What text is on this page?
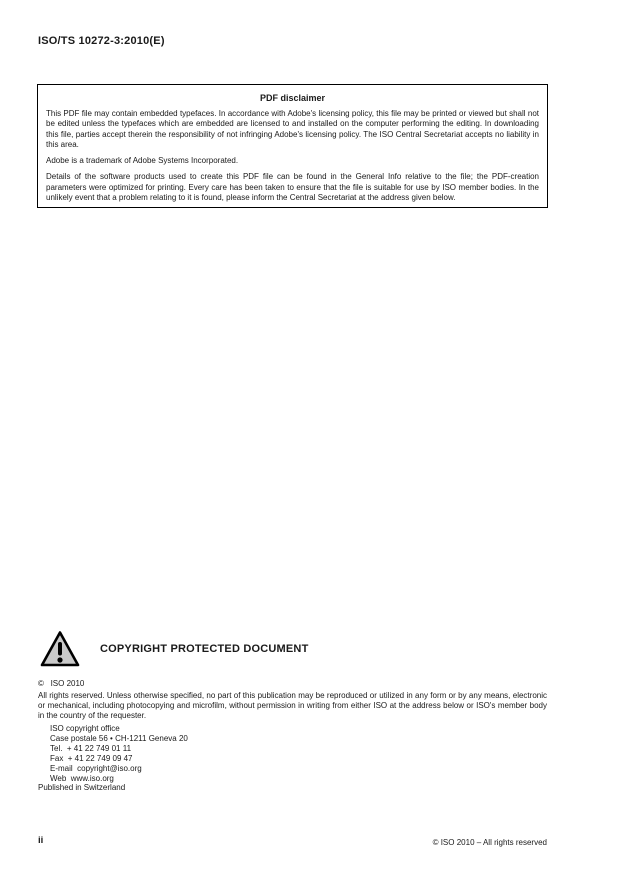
ISO/TS 10272-3:2010(E)
PDF disclaimer
This PDF file may contain embedded typefaces. In accordance with Adobe's licensing policy, this file may be printed or viewed but shall not be edited unless the typefaces which are embedded are licensed to and installed on the computer performing the editing. In downloading this file, parties accept therein the responsibility of not infringing Adobe's licensing policy. The ISO Central Secretariat accepts no liability in this area.
Adobe is a trademark of Adobe Systems Incorporated.
Details of the software products used to create this PDF file can be found in the General Info relative to the file; the PDF-creation parameters were optimized for printing. Every care has been taken to ensure that the file is suitable for use by ISO member bodies. In the unlikely event that a problem relating to it is found, please inform the Central Secretariat at the address given below.
COPYRIGHT PROTECTED DOCUMENT
©   ISO 2010
All rights reserved. Unless otherwise specified, no part of this publication may be reproduced or utilized in any form or by any means, electronic or mechanical, including photocopying and microfilm, without permission in writing from either ISO at the address below or ISO's member body in the country of the requester.
ISO copyright office
Case postale 56 • CH-1211 Geneva 20
Tel.  + 41 22 749 01 11
Fax  + 41 22 749 09 47
E-mail  copyright@iso.org
Web  www.iso.org
Published in Switzerland
ii	© ISO 2010 – All rights reserved
